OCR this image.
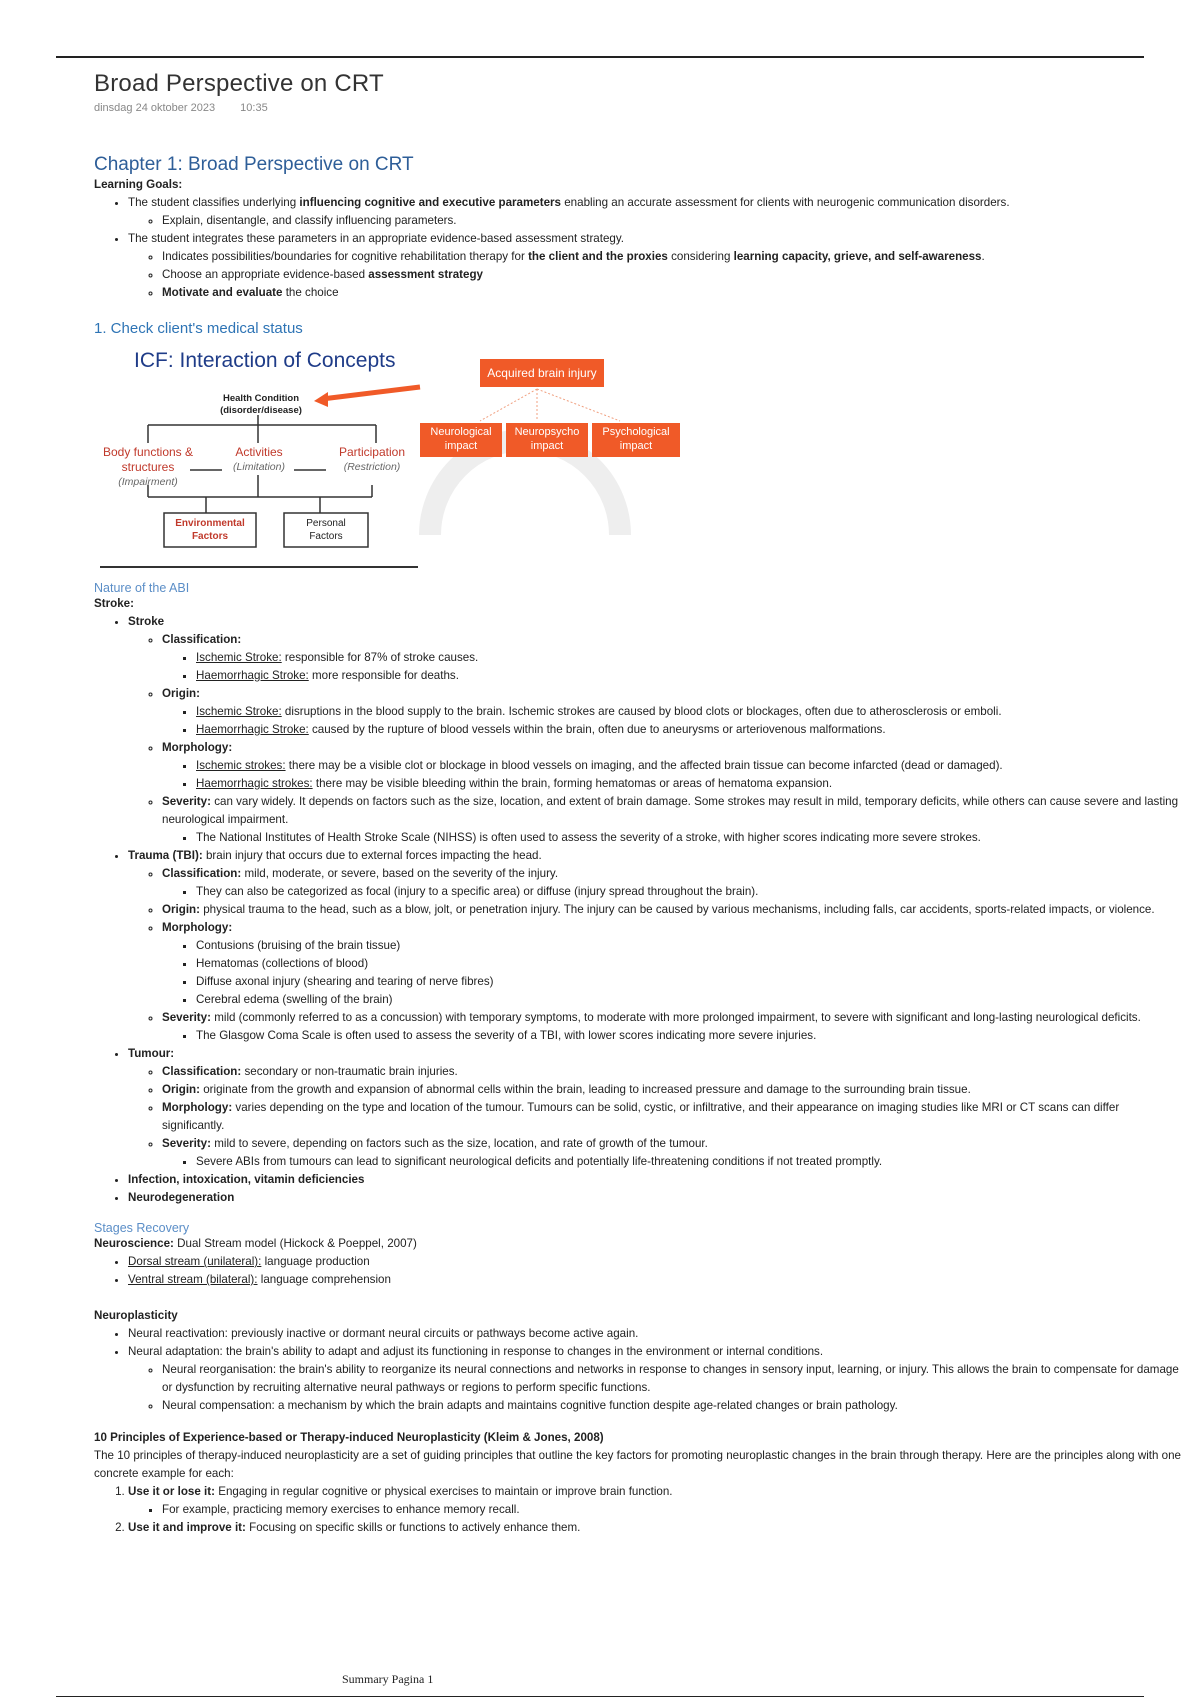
Broad Perspective on CRT
dinsdag 24 oktober 2023 10:35
Chapter 1: Broad Perspective on CRT
Learning Goals:
• The student classifies underlying influencing cognitive and executive parameters enabling an accurate assessment for clients with neurogenic communication disorders.
◦ Explain, disentangle, and classify influencing parameters.
• The student integrates these parameters in an appropriate evidence-based assessment strategy.
◦ Indicates possibilities/boundaries for cognitive rehabilitation therapy for the client and the proxies considering learning capacity, grieve, and self-awareness.
◦ Choose an appropriate evidence-based assessment strategy
◦ Motivate and evaluate the choice
1. Check client's medical status
ICF: Interaction of Concepts
Health Condition
(disorder/disease)
Body functions &
structures
(Impairment)
Activities
(Limitation)
Participation
(Restriction)
Environmental
Factors
Personal
Factors
Acquired brain injury
Neurological
impact
Neuropsycho
impact
Psychological
impact
Nature of the ABI
Stroke:
• Stroke
◦ Classification:
▪ Ischemic Stroke: responsible for 87% of stroke causes.
▪ Haemorrhagic Stroke: more responsible for deaths.
◦ Origin:
▪ Ischemic Stroke: disruptions in the blood supply to the brain. Ischemic strokes are caused by blood clots or blockages, often due to atherosclerosis or emboli.
▪ Haemorrhagic Stroke: caused by the rupture of blood vessels within the brain, often due to aneurysms or arteriovenous malformations.
◦ Morphology:
▪ Ischemic strokes: there may be a visible clot or blockage in blood vessels on imaging, and the affected brain tissue can become infarcted (dead or damaged).
▪ Haemorrhagic strokes: there may be visible bleeding within the brain, forming hematomas or areas of hematoma expansion.
◦ Severity: can vary widely. It depends on factors such as the size, location, and extent of brain damage. Some strokes may result in mild, temporary deficits, while others can cause severe and lasting neurological impairment.
▪ The National Institutes of Health Stroke Scale (NIHSS) is often used to assess the severity of a stroke, with higher scores indicating more severe strokes.
• Trauma (TBI): brain injury that occurs due to external forces impacting the head.
◦ Classification: mild, moderate, or severe, based on the severity of the injury.
▪ They can also be categorized as focal (injury to a specific area) or diffuse (injury spread throughout the brain).
◦ Origin: physical trauma to the head, such as a blow, jolt, or penetration injury. The injury can be caused by various mechanisms, including falls, car accidents, sports-related impacts, or violence.
◦ Morphology:
▪ Contusions (bruising of the brain tissue)
▪ Hematomas (collections of blood)
▪ Diffuse axonal injury (shearing and tearing of nerve fibres)
▪ Cerebral edema (swelling of the brain)
◦ Severity: mild (commonly referred to as a concussion) with temporary symptoms, to moderate with more prolonged impairment, to severe with significant and long-lasting neurological deficits.
▪ The Glasgow Coma Scale is often used to assess the severity of a TBI, with lower scores indicating more severe injuries.
• Tumour:
◦ Classification: secondary or non-traumatic brain injuries.
◦ Origin: originate from the growth and expansion of abnormal cells within the brain, leading to increased pressure and damage to the surrounding brain tissue.
◦ Morphology: varies depending on the type and location of the tumour. Tumours can be solid, cystic, or infiltrative, and their appearance on imaging studies like MRI or CT scans can differ significantly.
◦ Severity: mild to severe, depending on factors such as the size, location, and rate of growth of the tumour.
▪ Severe ABIs from tumours can lead to significant neurological deficits and potentially life-threatening conditions if not treated promptly.
• Infection, intoxication, vitamin deficiencies
• Neurodegeneration
Stages Recovery
Neuroscience: Dual Stream model (Hickock & Poeppel, 2007)
• Dorsal stream (unilateral): language production
• Ventral stream (bilateral): language comprehension
Neuroplasticity
• Neural reactivation: previously inactive or dormant neural circuits or pathways become active again.
• Neural adaptation: the brain's ability to adapt and adjust its functioning in response to changes in the environment or internal conditions.
◦ Neural reorganisation: the brain's ability to reorganize its neural connections and networks in response to changes in sensory input, learning, or injury. This allows the brain to compensate for damage or dysfunction by recruiting alternative neural pathways or regions to perform specific functions.
◦ Neural compensation: a mechanism by which the brain adapts and maintains cognitive function despite age-related changes or brain pathology.
10 Principles of Experience-based or Therapy-induced Neuroplasticity (Kleim & Jones, 2008)
The 10 principles of therapy-induced neuroplasticity are a set of guiding principles that outline the key factors for promoting neuroplastic changes in the brain through therapy. Here are the principles along with one concrete example for each:
1. Use it or lose it: Engaging in regular cognitive or physical exercises to maintain or improve brain function.
▪ For example, practicing memory exercises to enhance memory recall.
2. Use it and improve it: Focusing on specific skills or functions to actively enhance them.
Summary Pagina 1
